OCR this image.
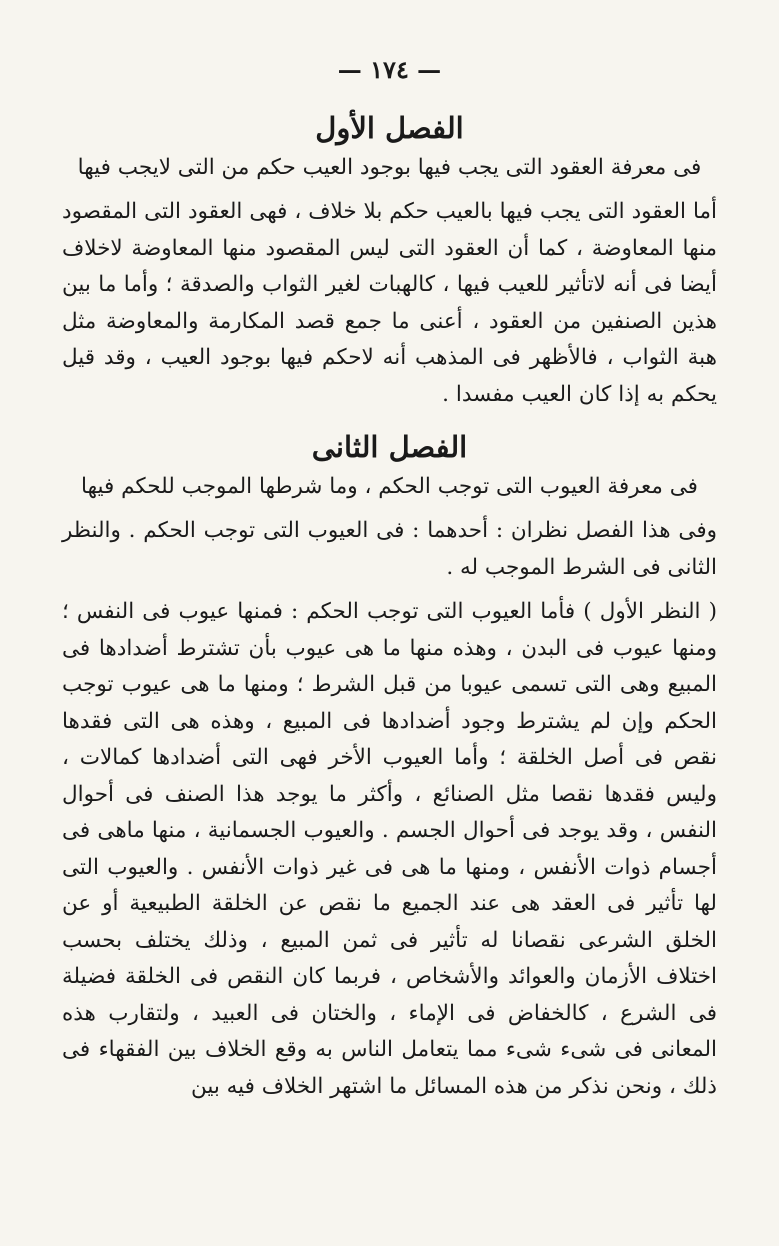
— ١٧٤ —
الفصل الأول
فى معرفة العقود التى يجب فيها بوجود العيب حكم من التى لايجب فيها

أما العقود التى يجب فيها بالعيب حكم بلا خلاف ، فهى العقود التى المقصود منها المعاوضة ، كما أن العقود التى ليس المقصود منها المعاوضة لاخلاف أيضا فى أنه لاتأثير للعيب فيها ، كالهبات لغير الثواب والصدقة ؛ وأما ما بين هذين الصنفين من العقود ، أعنى ما جمع قصد المكارمة والمعاوضة مثل هبة الثواب ، فالأظهر فى المذهب أنه لاحكم فيها بوجود العيب ، وقد قيل يحكم به إذا كان العيب مفسدا .

الفصل الثانى
فى معرفة العيوب التى توجب الحكم ، وما شرطها الموجب للحكم فيها

وفى هذا الفصل نظران : أحدهما : فى العيوب التى توجب الحكم . والنظر الثانى فى الشرط الموجب له .

( النظر الأول ) فأما العيوب التى توجب الحكم : فمنها عيوب فى النفس ؛ ومنها عيوب فى البدن ، وهذه منها ما هى عيوب بأن تشترط أضدادها فى المبيع وهى التى تسمى عيوبا من قبل الشرط ؛ ومنها ما هى عيوب توجب الحكم وإن لم يشترط وجود أضدادها فى المبيع ، وهذه هى التى فقدها نقص فى أصل الخلقة ؛ وأما العيوب الأخر فهى التى أضدادها كمالات ، وليس فقدها نقصا مثل الصنائع ، وأكثر ما يوجد هذا الصنف فى أحوال النفس ، وقد يوجد فى أحوال الجسم . والعيوب الجسمانية ، منها ماهى فى أجسام ذوات الأنفس ، ومنها ما هى فى غير ذوات الأنفس . والعيوب التى لها تأثير فى العقد هى عند الجميع ما نقص عن الخلقة الطبيعية أو عن الخلق الشرعى نقصانا له تأثير فى ثمن المبيع ، وذلك يختلف بحسب اختلاف الأزمان والعوائد والأشخاص ، فربما كان النقص فى الخلقة فضيلة فى الشرع ، كالخفاض فى الإماء ، والختان فى العبيد ، ولتقارب هذه المعانى فى شىء شىء مما يتعامل الناس به وقع الخلاف بين الفقهاء فى ذلك ، ونحن نذكر من هذه المسائل ما اشتهر الخلاف فيه بين
